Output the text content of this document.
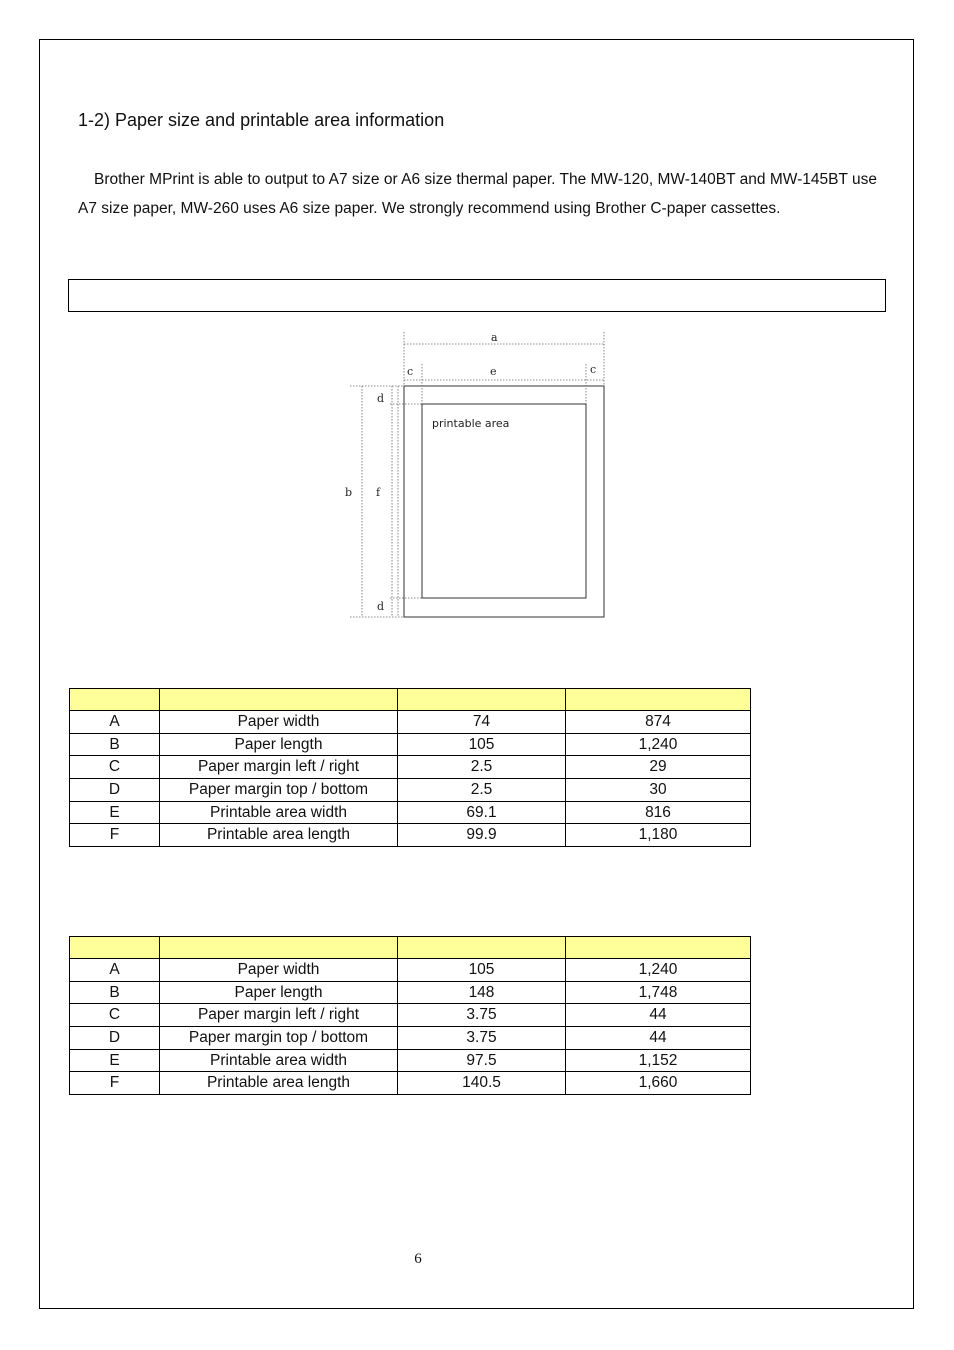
1-2) Paper size and printable area information
Brother MPrint is able to output to A7 size or A6 size thermal paper. The MW-120, MW-140BT and MW-145BT use A7 size paper, MW-260 uses A6 size paper. We strongly recommend using Brother C-paper cassettes.
a
c	e	c
d
b f
d
printable area

A	Paper width	74	874
B	Paper length	105	1,240
C	Paper margin left / right	2.5	29
D	Paper margin top / bottom	2.5	30
E	Printable area width	69.1	816
F	Printable area length	99.9	1,180

A	Paper width	105	1,240
B	Paper length	148	1,748
C	Paper margin left / right	3.75	44
D	Paper margin top / bottom	3.75	44
E	Printable area width	97.5	1,152
F	Printable area length	140.5	1,660
6
